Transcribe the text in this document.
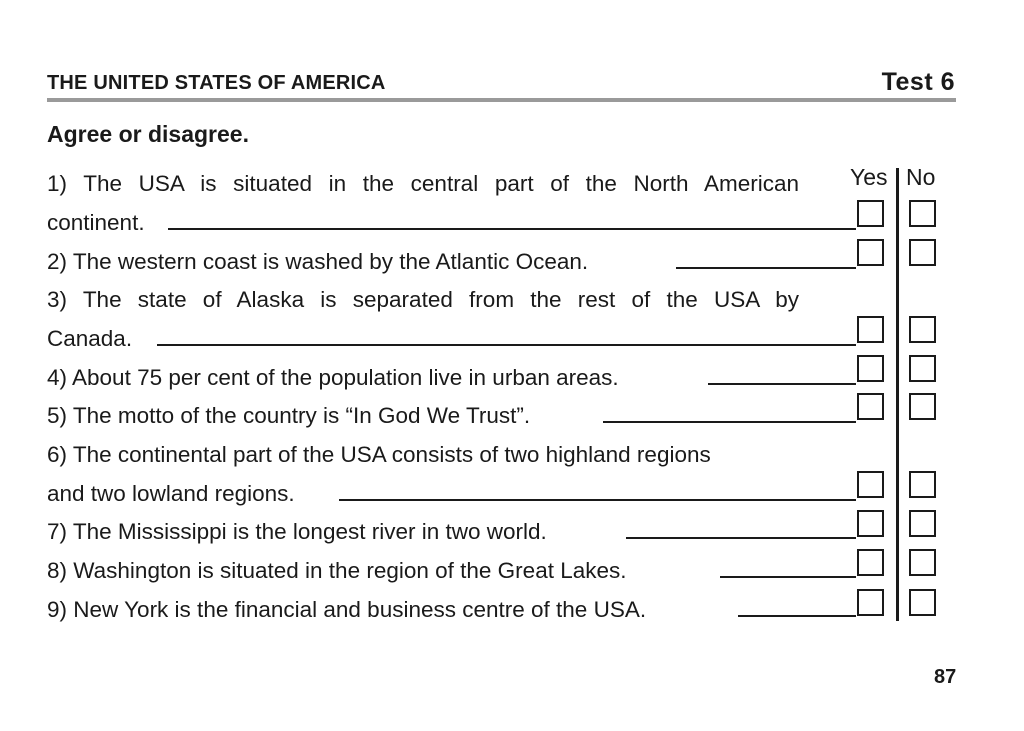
THE UNITED STATES OF AMERICA	Test 6
Agree or disagree.
Yes No
1) The USA is situated in the central part of the North American
continent.
2) The western coast is washed by the Atlantic Ocean.
3) The state of Alaska is separated from the rest of the USA by
Canada.
4) About 75 per cent of the population live in urban areas.
5) The motto of the country is “In God We Trust”.
6) The continental part of the USA consists of two highland regions
and two lowland regions.
7) The Mississippi is the longest river in two world.
8) Washington is situated in the region of the Great Lakes.
9) New York is the financial and business centre of the USA.
87
